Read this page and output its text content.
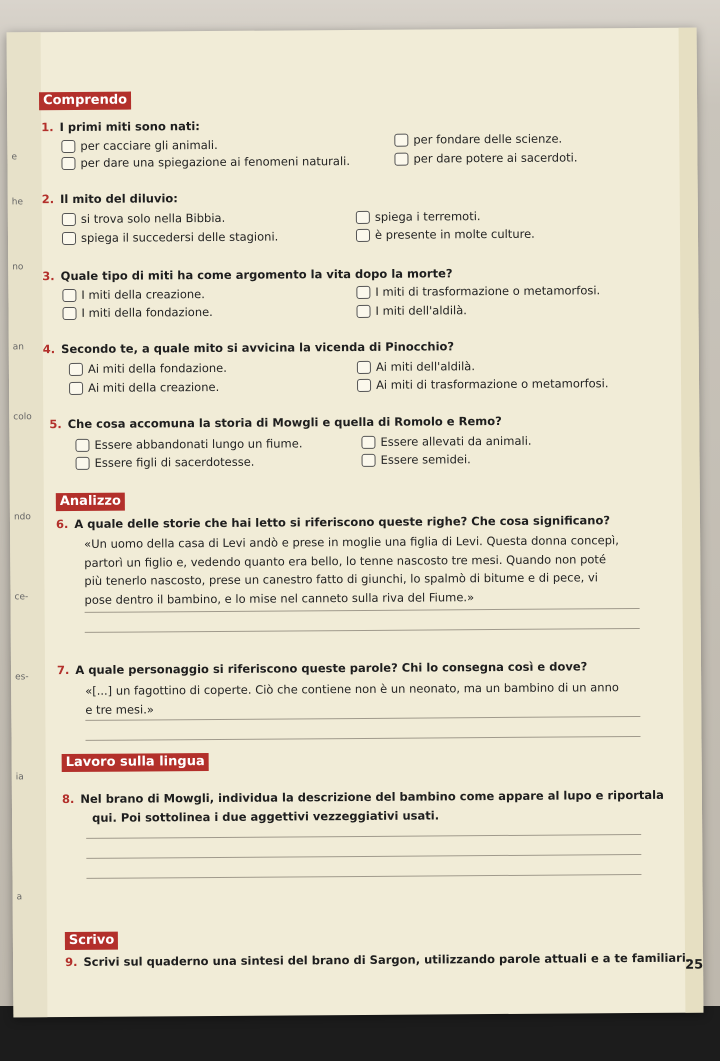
e
he
no
an
colo
ndo
ce-
es-
ia
a
Comprendo
1. I primi miti sono nati:
per cacciare gli animali.	per fondare delle scienze.
per dare una spiegazione ai fenomeni naturali.	per dare potere ai sacerdoti.
2. Il mito del diluvio:
si trova solo nella Bibbia.	spiega i terremoti.
spiega il succedersi delle stagioni.	è presente in molte culture.
3. Quale tipo di miti ha come argomento la vita dopo la morte?
I miti della creazione.	I miti di trasformazione o metamorfosi.
I miti della fondazione.	I miti dell'aldilà.
4. Secondo te, a quale mito si avvicina la vicenda di Pinocchio?
Ai miti della fondazione.	Ai miti dell'aldilà.
Ai miti della creazione.	Ai miti di trasformazione o metamorfosi.
5. Che cosa accomuna la storia di Mowgli e quella di Romolo e Remo?
Essere abbandonati lungo un fiume.	Essere allevati da animali.
Essere figli di sacerdotesse.	Essere semidei.
Analizzo
6. A quale delle storie che hai letto si riferiscono queste righe? Che cosa significano?
«Un uomo della casa di Levi andò e prese in moglie una figlia di Levi. Questa donna concepì,
partorì un figlio e, vedendo quanto era bello, lo tenne nascosto tre mesi. Quando non poté
più tenerlo nascosto, prese un canestro fatto di giunchi, lo spalmò di bitume e di pece, vi
pose dentro il bambino, e lo mise nel canneto sulla riva del Fiume.»
7. A quale personaggio si riferiscono queste parole? Chi lo consegna così e dove?
«[...] un fagottino di coperte. Ciò che contiene non è un neonato, ma un bambino di un anno
e tre mesi.»
Lavoro sulla lingua
8. Nel brano di Mowgli, individua la descrizione del bambino come appare al lupo e riportala
qui. Poi sottolinea i due aggettivi vezzeggiativi usati.
Scrivo
9. Scrivi sul quaderno una sintesi del brano di Sargon, utilizzando parole attuali e a te familiari.
25
